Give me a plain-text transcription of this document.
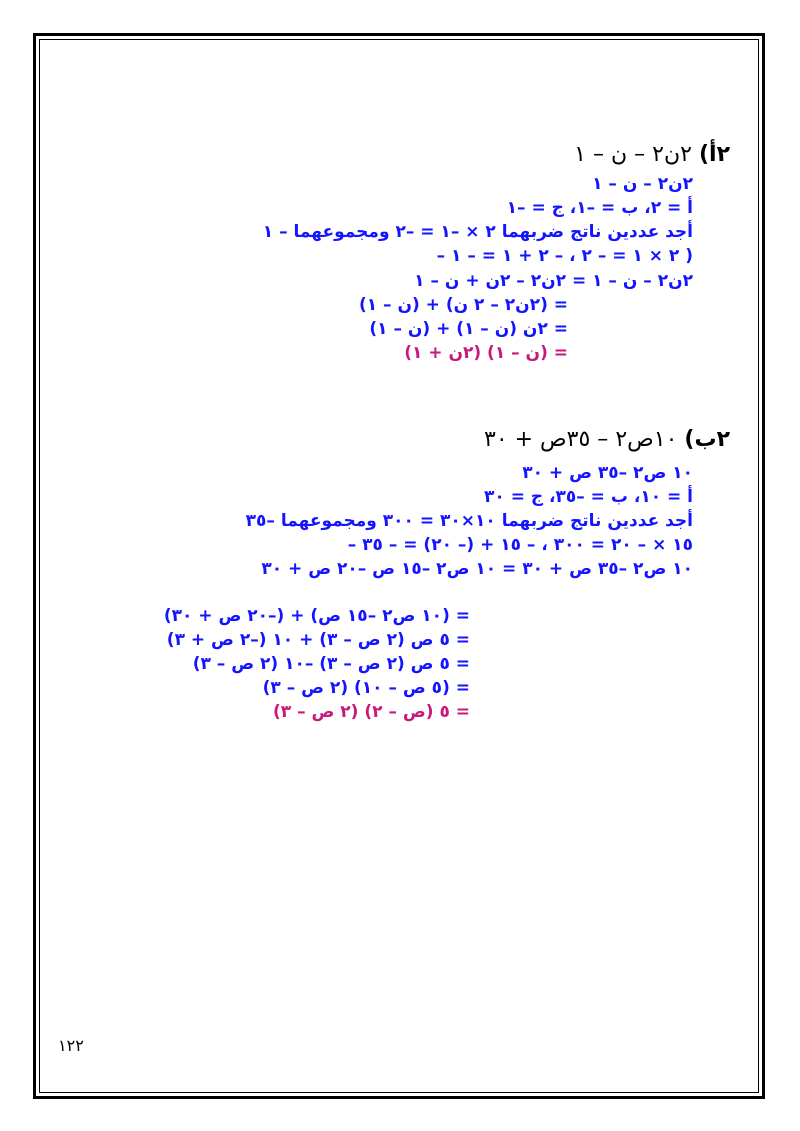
٢أ) ٢ن٢ – ن – ١
٢ن٢ – ن – ١
أ = ٢، ب = –١، ج = –١
أجد عددين ناتج ضربهما ٢ × –١ = –٢ ومجموعهما – ١
– ٢ × ١ = – ٢ ، – ٢ + ١ = – ١ )
٢ن٢ – ن – ١ = ٢ن٢ – ٢ن + ن – ١
= (٢ن٢ – ٢ ن) + (ن – ١)
= ٢ن (ن – ١) + (ن – ١)
= (ن – ١) (٢ن + ١)
٢ب) ١٠ص٢ – ٣٥ص + ٣٠
١٠ ص٢ –٣٥ ص + ٣٠
أ = ١٠، ب = –٣٥، ج = ٣٠
أجد عددين ناتج ضربهما ١٠×٣٠ = ٣٠٠ ومجموعهما –٣٥
– ١٥ × – ٢٠ = ٣٠٠ ، – ١٥ + (– ٢٠) = – ٣٥
١٠ ص٢ –٣٥ ص + ٣٠ = ١٠ ص٢ –١٥ ص –٢٠ ص + ٣٠
= (١٠ ص٢ –١٥ ص) + (–٢٠ ص + ٣٠)
= ٥ ص (٢ ص – ٣) + ١٠ (–٢ ص + ٣)
= ٥ ص (٢ ص – ٣) –١٠ (٢ ص – ٣)
= (٥ ص – ١٠) (٢ ص – ٣)
= ٥ (ص – ٢) (٢ ص – ٣)
١٢٢
